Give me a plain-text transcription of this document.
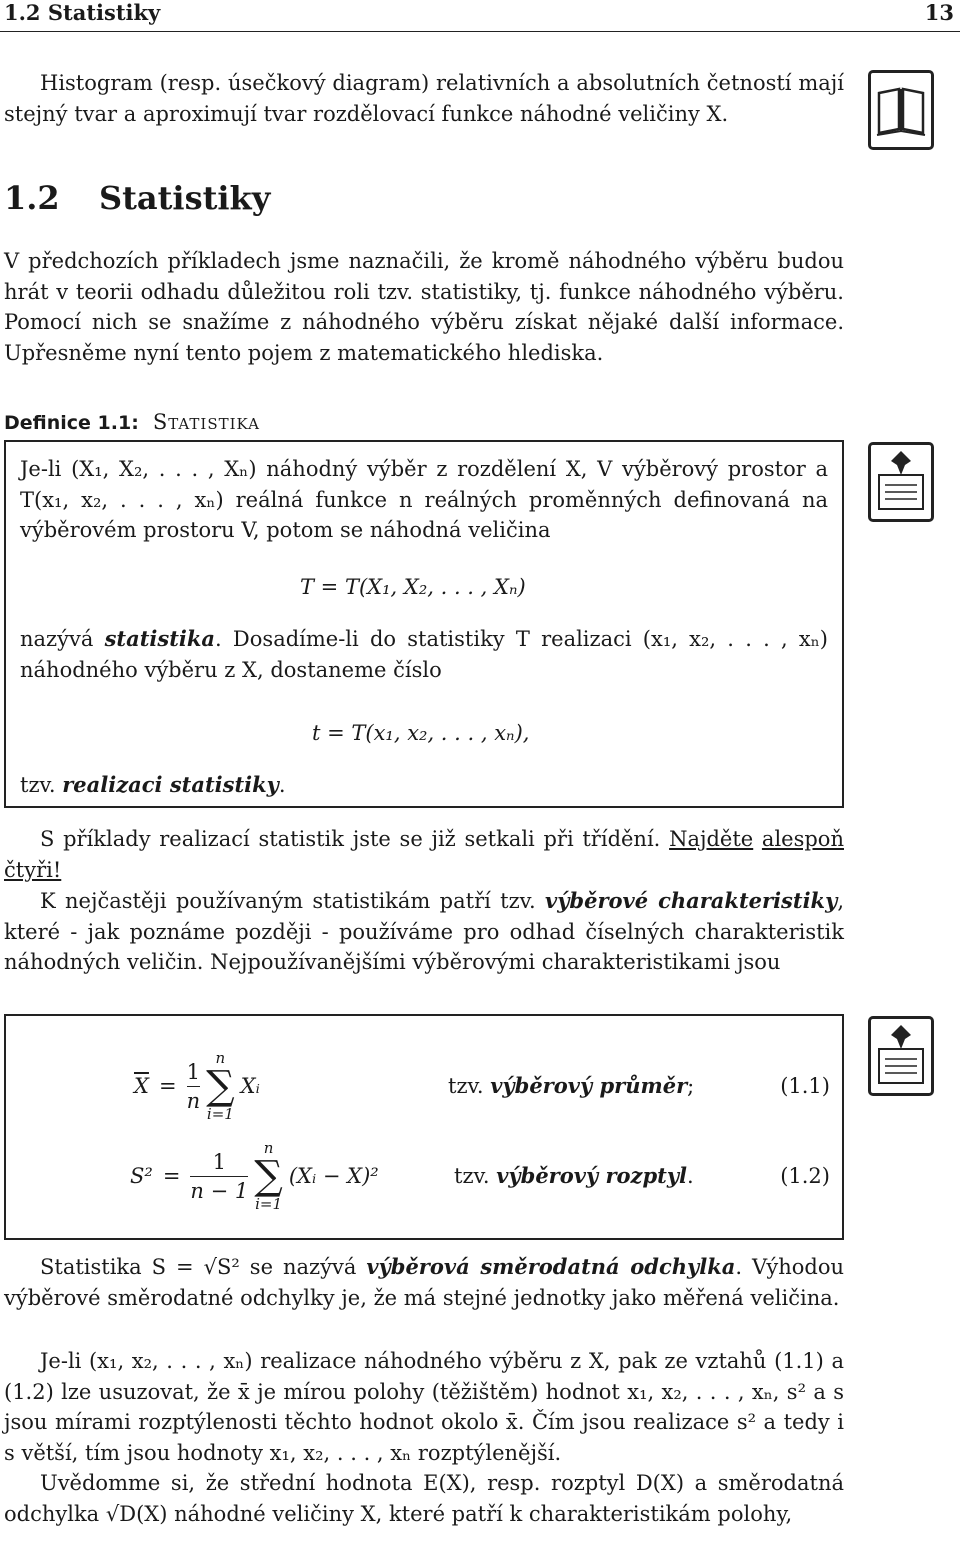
1.2 Statistiky	13

Histogram (resp. úsečkový diagram) relativních a absolutních četností mají stejný tvar a aproximují tvar rozdělovací funkce náhodné veličiny X.

1.2 Statistiky

V předchozích příkladech jsme naznačili, že kromě náhodného výběru budou hrát v teorii odhadu důležitou roli tzv. statistiky, tj. funkce náhodného výběru. Pomocí nich se snažíme z náhodného výběru získat nějaké další informace. Upřesněme nyní tento pojem z matematického hlediska.

Definice 1.1: Statistika

Je-li (X₁, X₂, . . . , Xₙ) náhodný výběr z rozdělení X, V výběrový prostor a T(x₁, x₂, . . . , xₙ) reálná funkce n reálných proměnných definovaná na výběrovém prostoru V, potom se náhodná veličina

T = T(X₁, X₂, . . . , Xₙ)

nazývá statistika. Dosadíme-li do statistiky T realizaci (x₁, x₂, . . . , xₙ) náhodného výběru z X, dostaneme číslo

t = T(x₁, x₂, . . . , xₙ),

tzv. realizaci statistiky.

S příklady realizací statistik jste se již setkali při třídění. Najděte alespoň čtyři!

K nejčastěji používaným statistikám patří tzv. výběrové charakteristiky, které - jak poznáme později - používáme pro odhad číselných charakteristik náhodných veličin. Nejpoužívanějšími výběrovými charakteristikami jsou

$\overline{X} = \frac{1}{n}$ n
∑
i=1
Xᵢ	tzv. výběrový průměr;	(1.1)
$S^2 = \frac{1}{n - 1}$ n
∑
i=1
(Xᵢ − X)²	tzv. výběrový rozptyl.	(1.2)

Statistika S = √S² se nazývá výběrová směrodatná odchylka. Výhodou výběrové směrodatné odchylky je, že má stejné jednotky jako měřená veličina.

Je-li (x₁, x₂, . . . , xₙ) realizace náhodného výběru z X, pak ze vztahů (1.1) a (1.2) lze usuzovat, že x̄ je mírou polohy (těžištěm) hodnot x₁, x₂, . . . , xₙ, s² a s jsou mírami rozptýlenosti těchto hodnot okolo x̄. Čím jsou realizace s² a tedy i s větší, tím jsou hodnoty x₁, x₂, . . . , xₙ rozptýlenější.

Uvědomme si, že střední hodnota E(X), resp. rozptyl D(X) a směrodatná odchylka √D(X) náhodné veličiny X, které patří k charakteristikám polohy,
